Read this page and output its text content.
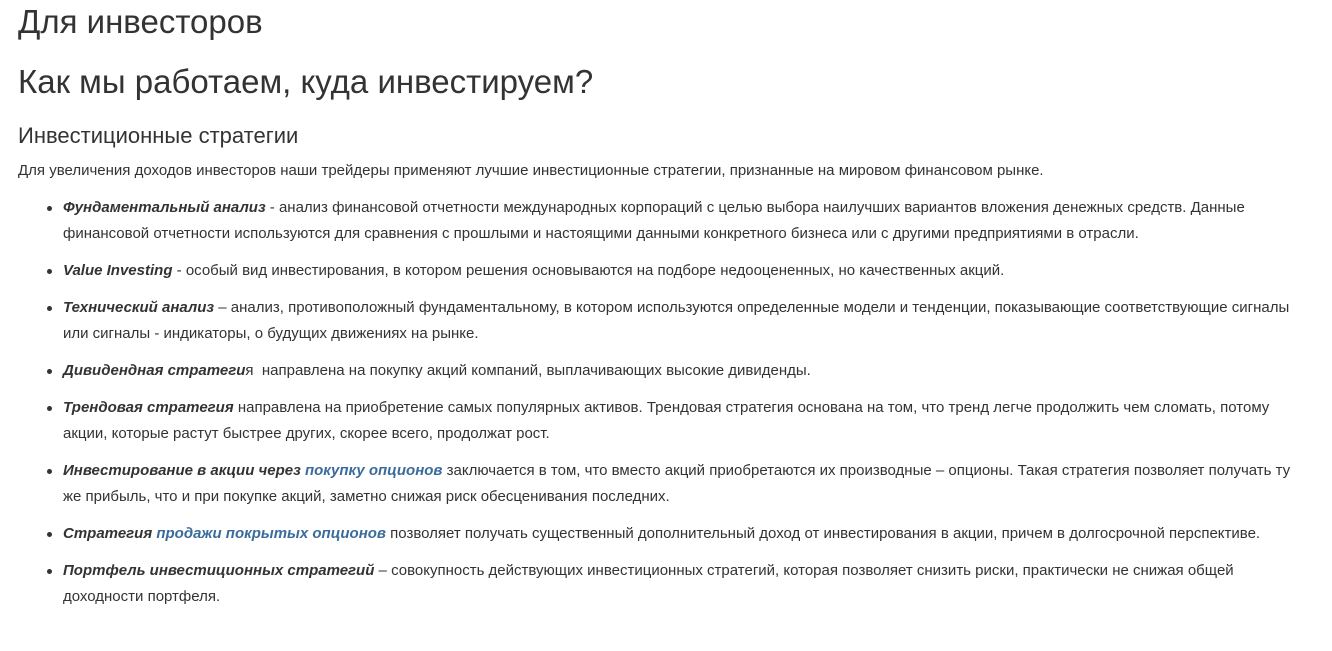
Для инвесторов
Как мы работаем, куда инвестируем?
Инвестиционные стратегии

Для увеличения доходов инвесторов наши трейдеры применяют лучшие инвестиционные стратегии, признанные на мировом финансовом рынке.

Фундаментальный анализ - анализ финансовой отчетности международных корпораций с целью выбора наилучших вариантов вложения денежных средств. Данные финансовой отчетности используются для сравнения с прошлыми и настоящими данными конкретного бизнеса или с другими предприятиями в отрасли.
Value Investing - особый вид инвестирования, в котором решения основываются на подборе недооцененных, но качественных акций.
Технический анализ – анализ, противоположный фундаментальному, в котором используются определенные модели и тенденции, показывающие соответствующие сигналы или сигналы - индикаторы, о будущих движениях на рынке.
Дивидендная стратегия  направлена на покупку акций компаний, выплачивающих высокие дивиденды.
Трендовая стратегия направлена на приобретение самых популярных активов. Трендовая стратегия основана на том, что тренд легче продолжить чем сломать, потому акции, которые растут быстрее других, скорее всего, продолжат рост.
Инвестирование в акции через покупку опционов заключается в том, что вместо акций приобретаются их производные – опционы. Такая стратегия позволяет получать ту же прибыль, что и при покупке акций, заметно снижая риск обесценивания последних.
Стратегия продажи покрытых опционов позволяет получать существенный дополнительный доход от инвестирования в акции, причем в долгосрочной перспективе.
Портфель инвестиционных стратегий – совокупность действующих инвестиционных стратегий, которая позволяет снизить риски, практически не снижая общей доходности портфеля.
